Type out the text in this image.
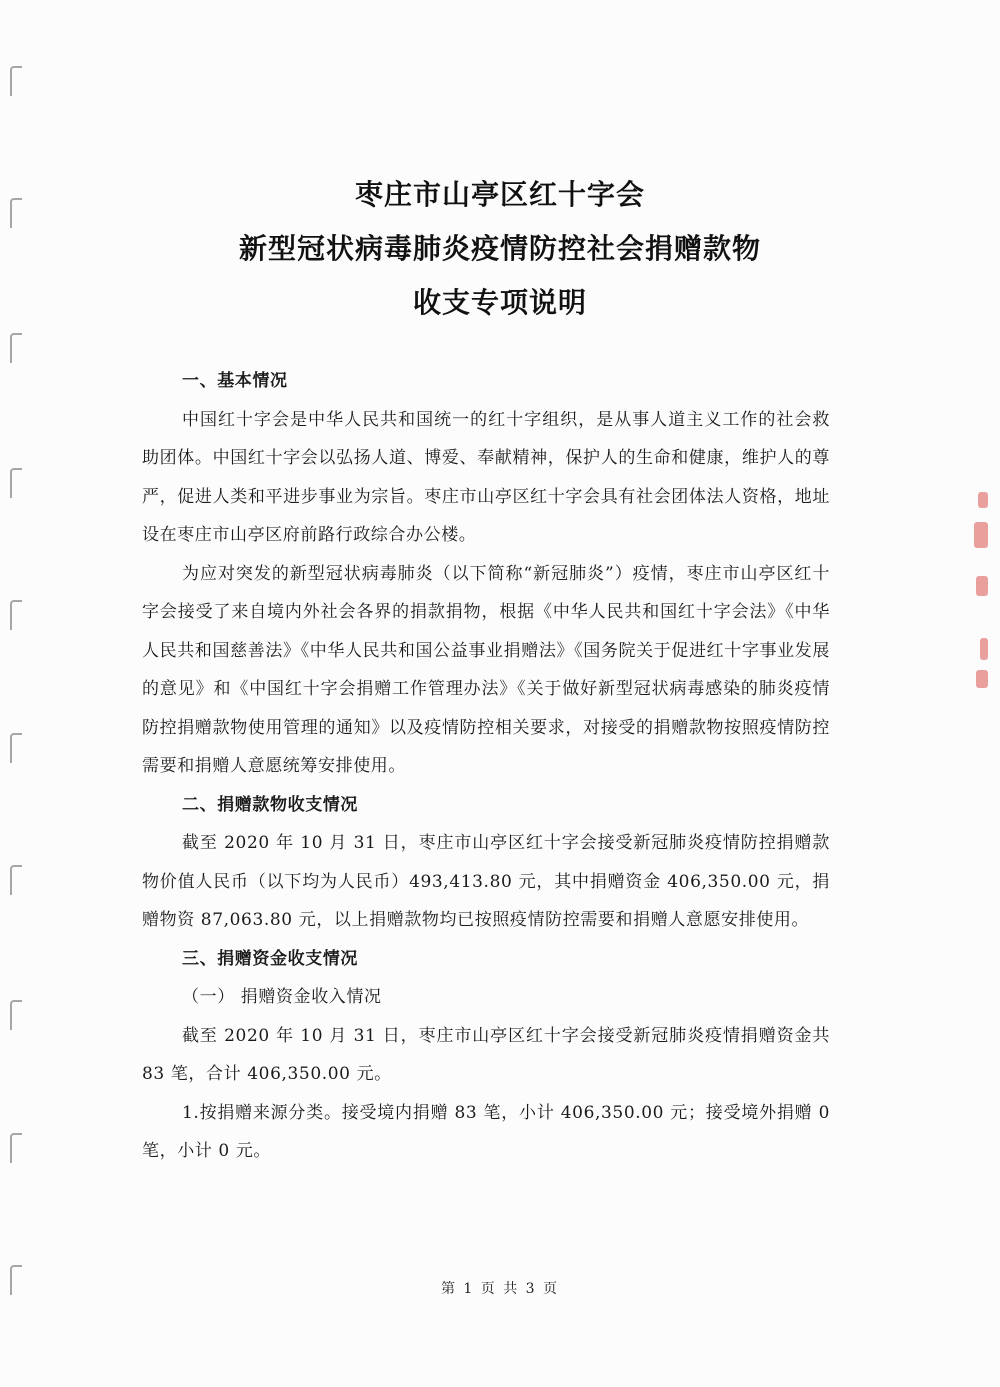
枣庄市山亭区红十字会
新型冠状病毒肺炎疫情防控社会捐赠款物
收支专项说明

一、基本情况

中国红十字会是中华人民共和国统一的红十字组织，是从事人道主义工作的社会救助团体。中国红十字会以弘扬人道、博爱、奉献精神，保护人的生命和健康，维护人的尊严，促进人类和平进步事业为宗旨。枣庄市山亭区红十字会具有社会团体法人资格，地址设在枣庄市山亭区府前路行政综合办公楼。

为应对突发的新型冠状病毒肺炎（以下简称“新冠肺炎”）疫情，枣庄市山亭区红十字会接受了来自境内外社会各界的捐款捐物，根据《中华人民共和国红十字会法》《中华人民共和国慈善法》《中华人民共和国公益事业捐赠法》《国务院关于促进红十字事业发展的意见》和《中国红十字会捐赠工作管理办法》《关于做好新型冠状病毒感染的肺炎疫情防控捐赠款物使用管理的通知》以及疫情防控相关要求，对接受的捐赠款物按照疫情防控需要和捐赠人意愿统筹安排使用。

二、捐赠款物收支情况

截至 2020 年 10 月 31 日，枣庄市山亭区红十字会接受新冠肺炎疫情防控捐赠款物价值人民币（以下均为人民币）493,413.80 元，其中捐赠资金 406,350.00 元，捐赠物资 87,063.80 元，以上捐赠款物均已按照疫情防控需要和捐赠人意愿安排使用。

三、捐赠资金收支情况

（一） 捐赠资金收入情况

截至 2020 年 10 月 31 日，枣庄市山亭区红十字会接受新冠肺炎疫情捐赠资金共 83 笔，合计 406,350.00 元。

1.按捐赠来源分类。接受境内捐赠 83 笔，小计 406,350.00 元；接受境外捐赠 0 笔，小计 0 元。

第 1 页 共 3 页
